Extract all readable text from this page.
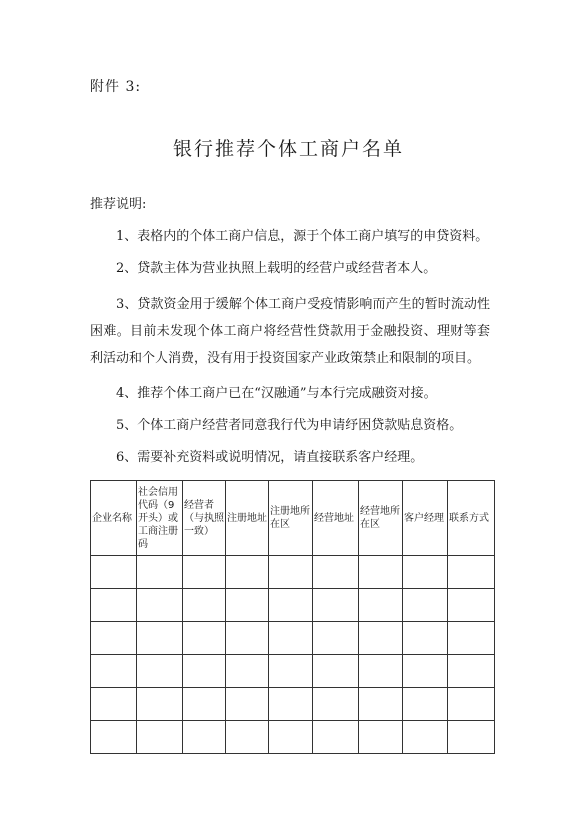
附件 3:
银行推荐个体工商户名单

推荐说明:

1、表格内的个体工商户信息，源于个体工商户填写的申贷资料。

2、贷款主体为营业执照上载明的经营户或经营者本人。

3、贷款资金用于缓解个体工商户受疫情影响而产生的暂时流动性困难。目前未发现个体工商户将经营性贷款用于金融投资、理财等套利活动和个人消费，没有用于投资国家产业政策禁止和限制的项目。

4、推荐个体工商户已在“汉融通”与本行完成融资对接。

5、个体工商户经营者同意我行代为申请纾困贷款贴息资格。

6、需要补充资料或说明情况，请直接联系客户经理。

企业名称	社会信用代码（9开头）或工商注册码	经营者（与执照一致）	注册地址	注册地所在区	经营地址	经营地所在区	客户经理	联系方式
